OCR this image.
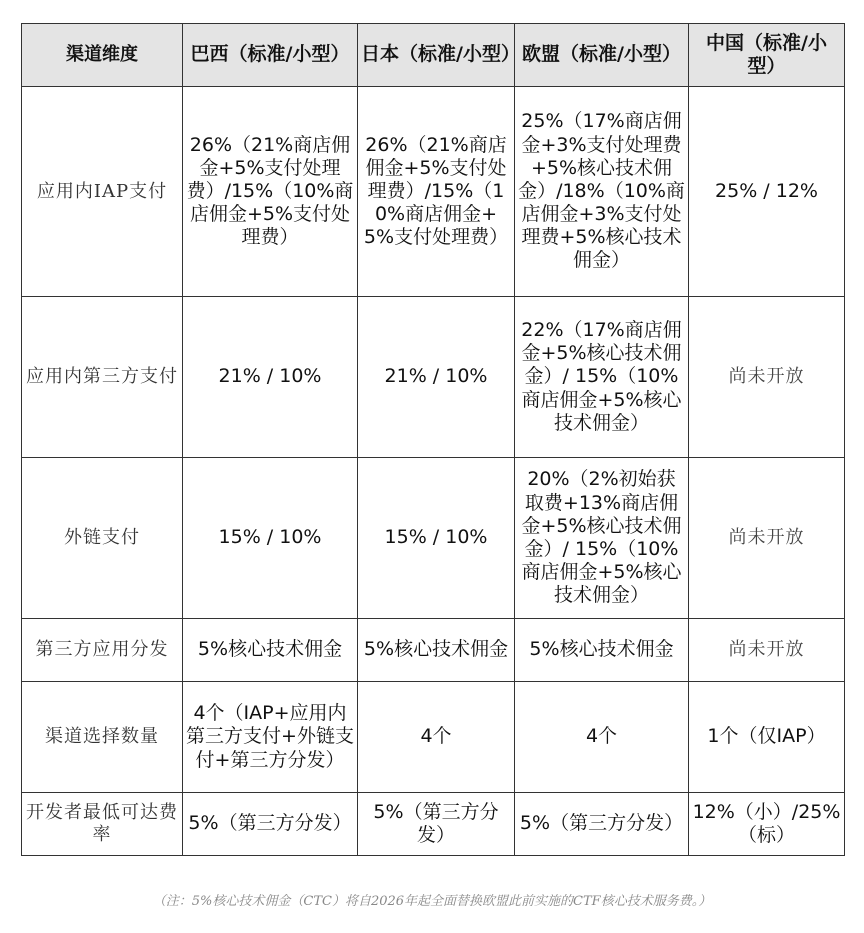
渠道维度	巴西（标准/小型）	日本（标准/小型）	欧盟（标准/小型）	中国（标准/小型）
应用内IAP支付	26%（21%商店佣金+5%支付处理费）/15%（10%商店佣金+5%支付处理费）	26%（21%商店佣金+5%支付处理费）/15%（10%商店佣金+5%支付处理费）	25%（17%商店佣金+3%支付处理费+5%核心技术佣金）/18%（10%商店佣金+3%支付处理费+5%核心技术佣金）	25% / 12%
应用内第三方支付	21% / 10%	21% / 10%	22%（17%商店佣金+5%核心技术佣金）/ 15%（10%商店佣金+5%核心技术佣金）	尚未开放
外链支付	15% / 10%	15% / 10%	20%（2%初始获取费+13%商店佣金+5%核心技术佣金）/ 15%（10%商店佣金+5%核心技术佣金）	尚未开放
第三方应用分发	5%核心技术佣金	5%核心技术佣金	5%核心技术佣金	尚未开放
渠道选择数量	4个（IAP+应用内第三方支付+外链支付+第三方分发）	4个	4个	1个（仅IAP）
开发者最低可达费率	5%（第三方分发）	5%（第三方分发）	5%（第三方分发）	12%（小）/25%（标）
（注：5%核心技术佣金（CTC）将自2026年起全面替换欧盟此前实施的CTF核心技术服务费。）
